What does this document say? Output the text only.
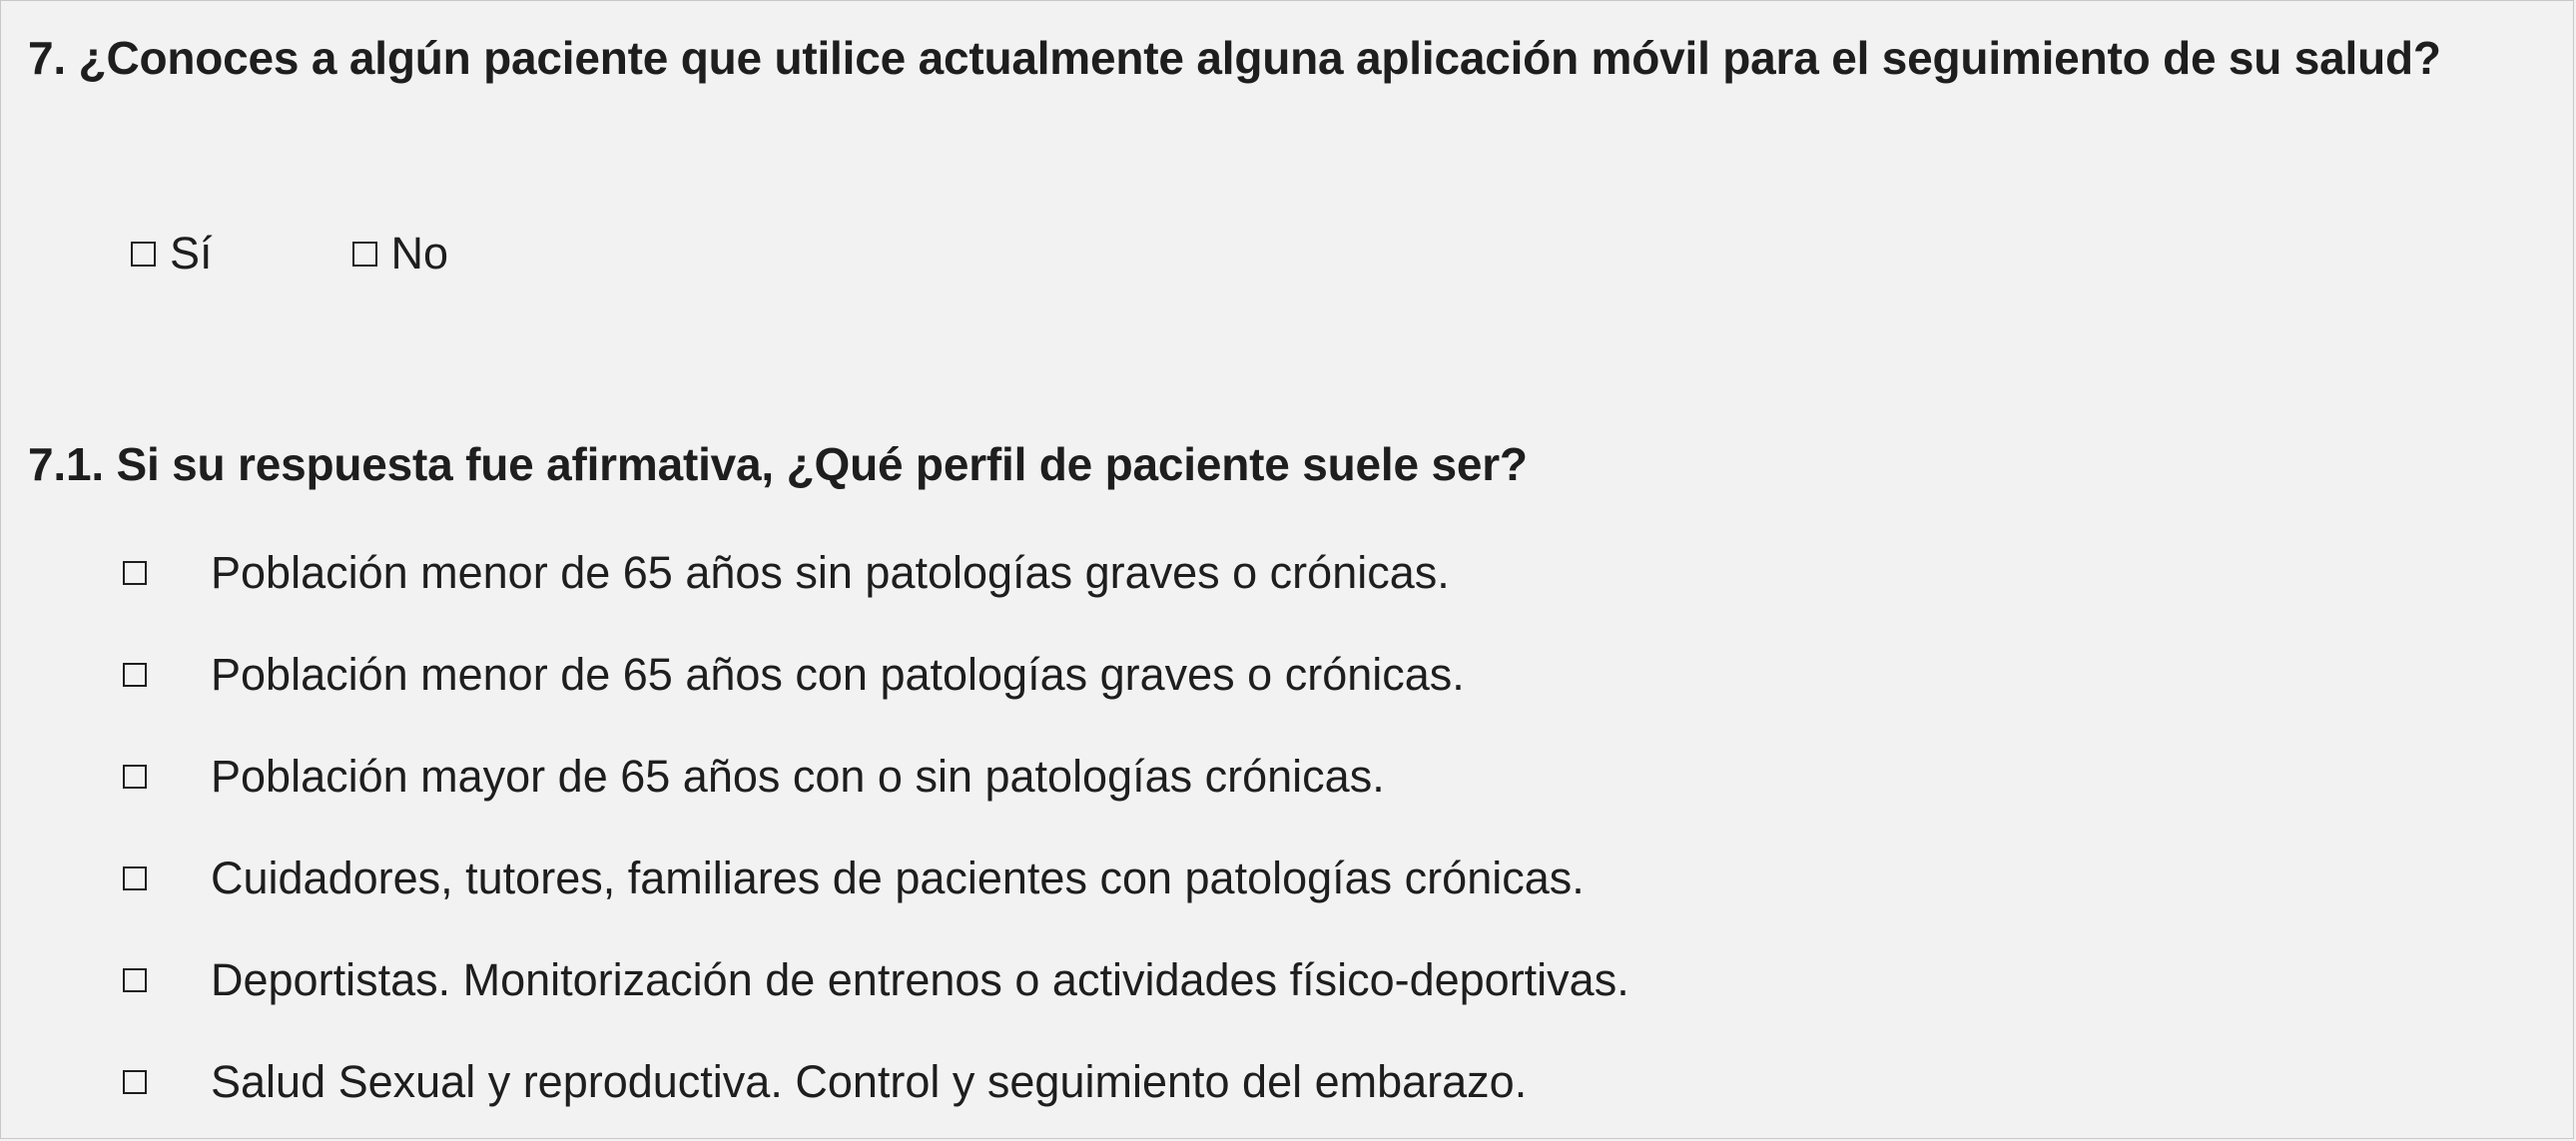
7. ¿Conoces a algún paciente que utilice actualmente alguna aplicación móvil para el seguimiento de su salud?

Sí	No

7.1. Si su respuesta fue afirmativa, ¿Qué perfil de paciente suele ser?

Población menor de 65 años sin patologías graves o crónicas.
Población menor de 65 años con patologías graves o crónicas.
Población mayor de 65 años con o sin patologías crónicas.
Cuidadores, tutores, familiares de pacientes con patologías crónicas.
Deportistas. Monitorización de entrenos o actividades físico-deportivas.
Salud Sexual y reproductiva. Control y seguimiento del embarazo.
